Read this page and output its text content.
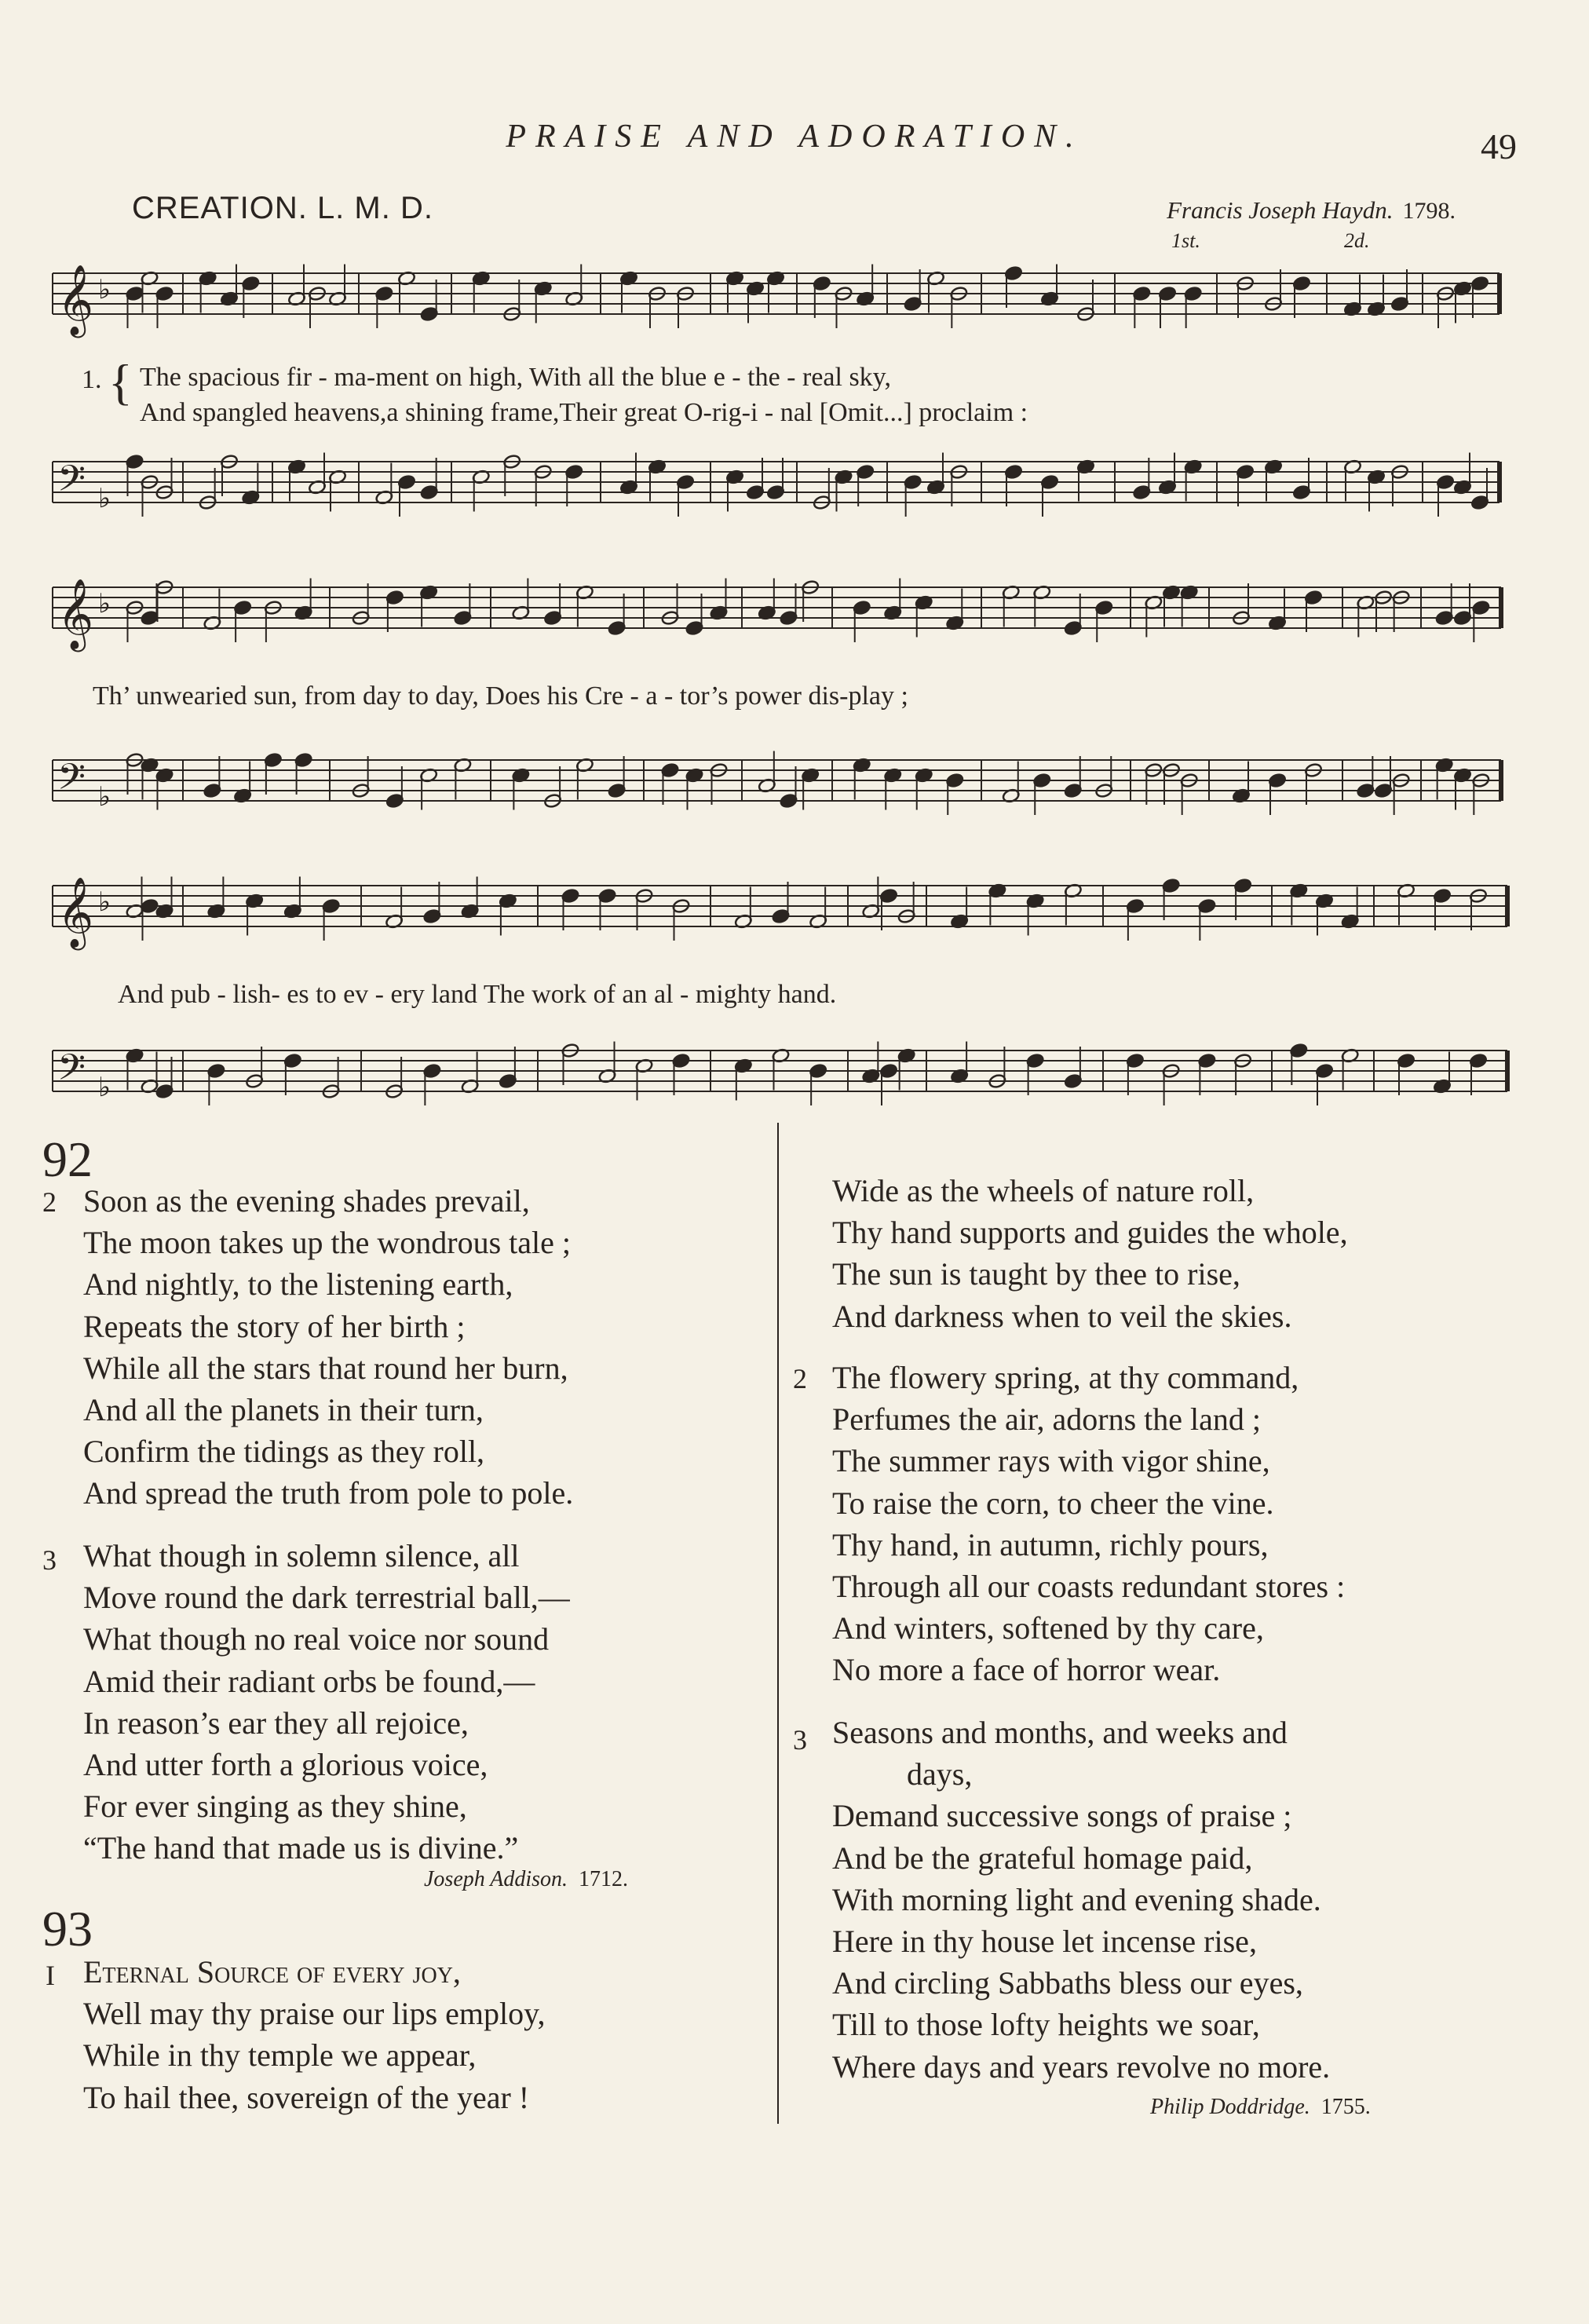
PRAISE AND ADORATION.	49
CREATION. L. M. D.	Francis Joseph Haydn. 1798.
1st.	2d.
𝄞 ♭
1. { The spacious fir - ma-ment on high, With all the blue e - the - real sky,
And spangled heavens,a shining frame,Their great O-rig-i - nal [Omit...] proclaim :
𝄢 ♭
𝄞 ♭
Th’ unwearied sun, from day to day, Does his Cre - a - tor’s power dis-play ;
𝄢 ♭
𝄞 ♭
And pub - lish- es to ev - ery land The work of an al - mighty hand.
𝄢 ♭
92
2 Soon as the evening shades prevail,
The moon takes up the wondrous tale ;
And nightly, to the listening earth,
Repeats the story of her birth ;
While all the stars that round her burn,
And all the planets in their turn,
Confirm the tidings as they roll,
And spread the truth from pole to pole.
3 What though in solemn silence, all
Move round the dark terrestrial ball,—
What though no real voice nor sound
Amid their radiant orbs be found,—
In reason’s ear they all rejoice,
And utter forth a glorious voice,
For ever singing as they shine,
“The hand that made us is divine.”
Joseph Addison. 1712.
93
I Eternal Source of every joy,
Well may thy praise our lips employ,
While in thy temple we appear,
To hail thee, sovereign of the year !
Wide as the wheels of nature roll,
Thy hand supports and guides the whole,
The sun is taught by thee to rise,
And darkness when to veil the skies.
2 The flowery spring, at thy command,
Perfumes the air, adorns the land ;
The summer rays with vigor shine,
To raise the corn, to cheer the vine.
Thy hand, in autumn, richly pours,
Through all our coasts redundant stores :
And winters, softened by thy care,
No more a face of horror wear.
3 Seasons and months, and weeks and
days,
Demand successive songs of praise ;
And be the grateful homage paid,
With morning light and evening shade.
Here in thy house let incense rise,
And circling Sabbaths bless our eyes,
Till to those lofty heights we soar,
Where days and years revolve no more.
Philip Doddridge. 1755.
